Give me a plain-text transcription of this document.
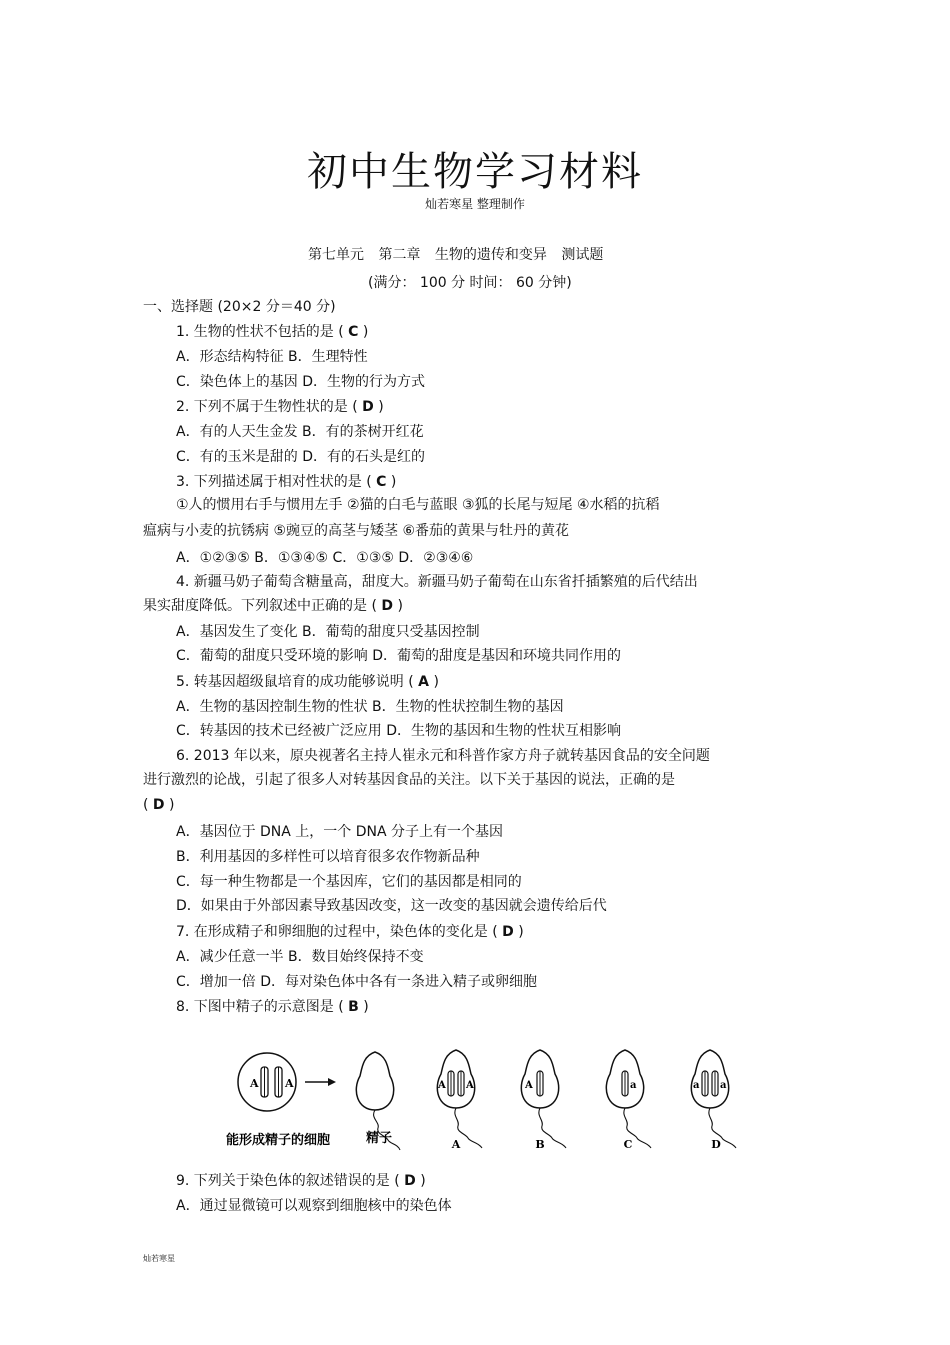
初中生物学习材料
灿若寒星 整理制作
第七单元 第二章 生物的遗传和变异 测试题
(满分： 100 分 时间： 60 分钟)
一、选择题 (20×2 分＝40 分)
1. 生物的性状不包括的是 ( C )
A．形态结构特征 B．生理特性
C．染色体上的基因 D．生物的行为方式
2. 下列不属于生物性状的是 ( D )
A．有的人天生金发 B．有的茶树开红花
C．有的玉米是甜的 D．有的石头是红的
3. 下列描述属于相对性状的是 ( C )
①人的惯用右手与惯用左手 ②猫的白毛与蓝眼 ③狐的长尾与短尾 ④水稻的抗稻
瘟病与小麦的抗锈病 ⑤豌豆的高茎与矮茎 ⑥番茄的黄果与牡丹的黄花
A．①②③⑤ B．①③④⑤ C．①③⑤ D．②③④⑥
4. 新疆马奶子葡萄含糖量高，甜度大。新疆马奶子葡萄在山东省扦插繁殖的后代结出
果实甜度降低。下列叙述中正确的是 ( D )
A．基因发生了变化 B．葡萄的甜度只受基因控制
C．葡萄的甜度只受环境的影响 D．葡萄的甜度是基因和环境共同作用的
5. 转基因超级鼠培育的成功能够说明 ( A )
A．生物的基因控制生物的性状 B．生物的性状控制生物的基因
C．转基因的技术已经被广泛应用 D．生物的基因和生物的性状互相影响
6. 2013 年以来，原央视著名主持人崔永元和科普作家方舟子就转基因食品的安全问题
进行激烈的论战，引起了很多人对转基因食品的关注。以下关于基因的说法，正确的是
( D )
A．基因位于 DNA 上，一个 DNA 分子上有一个基因
B．利用基因的多样性可以培育很多农作物新品种
C．每一种生物都是一个基因库，它们的基因都是相同的
D．如果由于外部因素导致基因改变，这一改变的基因就会遗传给后代
7. 在形成精子和卵细胞的过程中，染色体的变化是 ( D )
A．减少任意一半 B．数目始终保持不变
C．增加一倍 D．每对染色体中各有一条进入精子或卵细胞
8. 下图中精子的示意图是 ( B )
9. 下列关于染色体的叙述错误的是 ( D )
A．通过显微镜可以观察到细胞核中的染色体
A A	A A	A	a	a a
能形成精子的细胞	精子	A	B	C	D
灿若寒星
